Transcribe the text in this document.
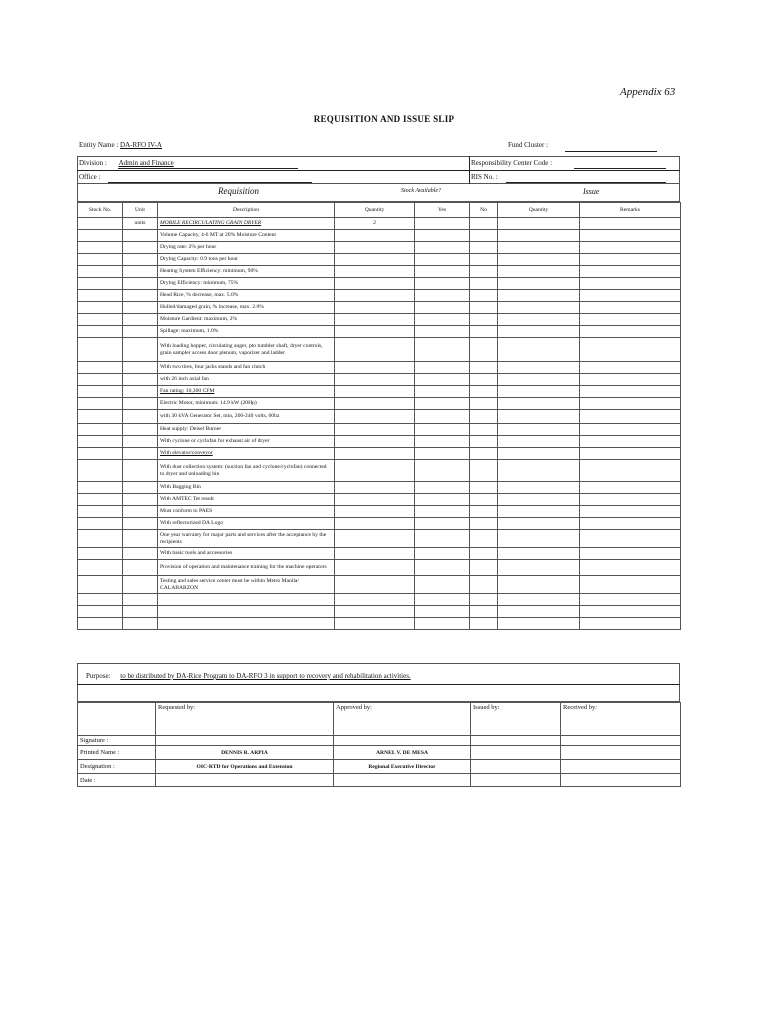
Appendix 63
REQUISITION AND ISSUE SLIP
Entity Name : DA-RFO IV-A	Fund Cluster :
Division : Admin and Finance
Office :
Responsibility Center Code :
RIS No. :
Requisition	Stock Available?	Issue
Stock No.	Unit	Description	Quantity	Yes	No	Quantity	Remarks
	units	MOBILE RECIRCULATING GRAIN DRYER	2				
		Volume Capacity, 4-6 MT at 20% Moisture Content					
		Drying rate: 2% per hour					
		Drying Capacity: 0.9 tons per hour					
		Heating System Efficiency: minimum, 90%					
		Drying Efficiency: minimum, 75%					
		Head Rice, % decrease, max. 5.0%					
		Hulled/damaged grain, % increase, max. 2.0%					
		Moisture Gardient: maximum, 2%					
		Spillage: maximum, 1.0%					
		With loading hopper, circulating auger, pto tumbler shaft, dryer controls, grain sampler access door plenum, vaporizer and ladder					
		With two tires, four jacks stands and fan clutch					
		with 26 inch axial fan					
		Fan rating: 10,300 CFM					
		Electric Motor, minimum: 14.9 kW (20Hp)					
		with 30 kVA Generator Set, min, 200-240 volts, 60hz					
		Heat supply: Deisel Burner					
		With cyclone or cyclofan for exhaust air of dryer					
		With elevator/conveyor					
		With dust collection system: (suction fan and cyclone/cyclofan) connected to dryer and unloading bin					
		With Bagging Bin					
		With AMTEC Tet result					
		Must conform to PAES					
		With reflectorized DA Logo					
		One year warranty for major parts and services after the acceptance by the recipients					
		With basic tools and accessories					
		Provision of operation and maintenance training for the machine operators					
		Testing and sales service center must be within Metro Manila/ CALABARZON					

Purpose: to be distributed by DA-Rice Program to DA-RFO 3 in support to recovery and rehabilitation activities.
	Requested by:	Approved by:	Issued by:	Received by:
Signature :				
Printed Name :	DENNIS R. ARPIA	ARNEL V. DE MESA		
Designation :	OIC-RTD for Operations and Extension	Regional Executive Director		
Date :				
